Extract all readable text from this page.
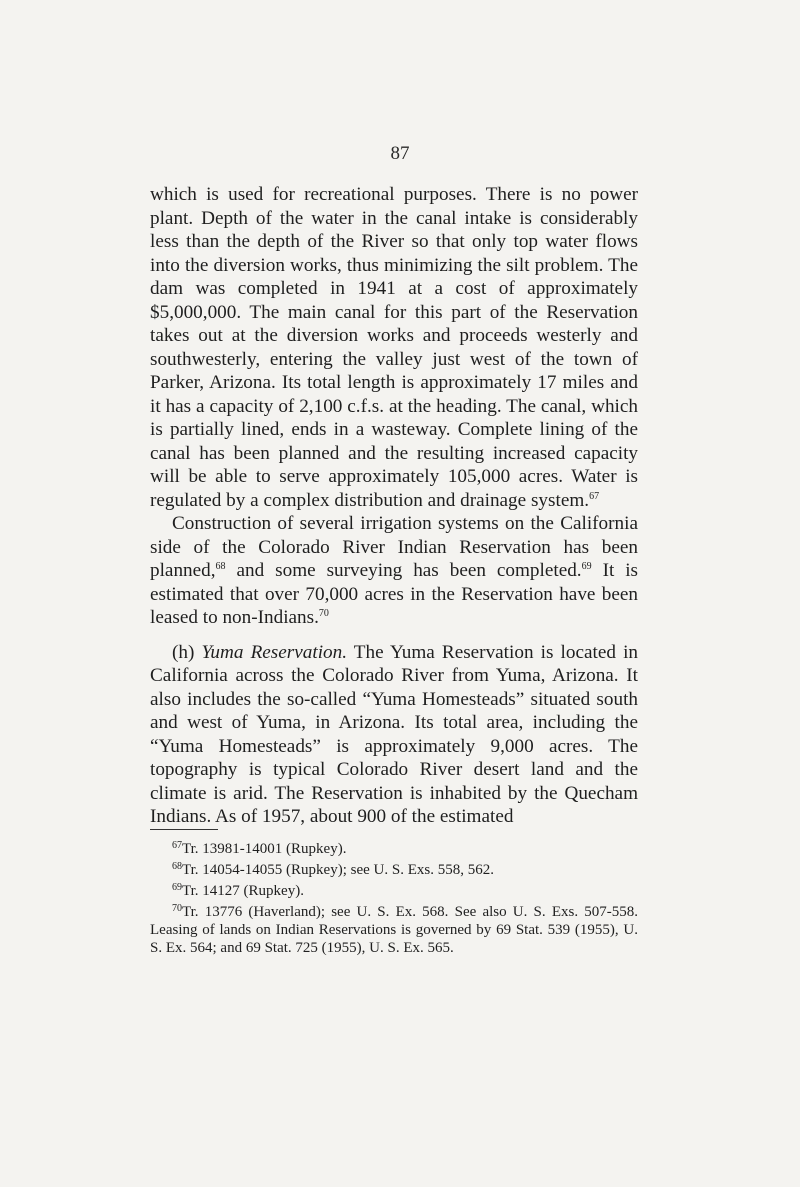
87

which is used for recreational purposes. There is no power plant. Depth of the water in the canal intake is considerably less than the depth of the River so that only top water flows into the diversion works, thus minimizing the silt problem. The dam was completed in 1941 at a cost of approximately $5,000,000. The main canal for this part of the Reservation takes out at the diversion works and proceeds westerly and southwesterly, entering the valley just west of the town of Parker, Arizona. Its total length is approximately 17 miles and it has a capacity of 2,100 c.f.s. at the heading. The canal, which is partially lined, ends in a wasteway. Complete lining of the canal has been planned and the resulting increased capacity will be able to serve approximately 105,000 acres. Water is regulated by a complex distribution and drainage system.$^{67}$

Construction of several irrigation systems on the California side of the Colorado River Indian Reservation has been planned,$^{68}$ and some surveying has been completed.$^{69}$ It is estimated that over 70,000 acres in the Reservation have been leased to non-Indians.$^{70}$

(h) Yuma Reservation. The Yuma Reservation is located in California across the Colorado River from Yuma, Arizona. It also includes the so-called “Yuma Homesteads” situated south and west of Yuma, in Arizona. Its total area, including the “Yuma Homesteads” is approximately 9,000 acres. The topography is typical Colorado River desert land and the climate is arid. The Reservation is inhabited by the Quecham Indians. As of 1957, about 900 of the estimated

$^{67}$Tr. 13981-14001 (Rupkey).

$^{68}$Tr. 14054-14055 (Rupkey); see U. S. Exs. 558, 562.

$^{69}$Tr. 14127 (Rupkey).

$^{70}$Tr. 13776 (Haverland); see U. S. Ex. 568. See also U. S. Exs. 507-558. Leasing of lands on Indian Reservations is governed by 69 Stat. 539 (1955), U. S. Ex. 564; and 69 Stat. 725 (1955), U. S. Ex. 565.
